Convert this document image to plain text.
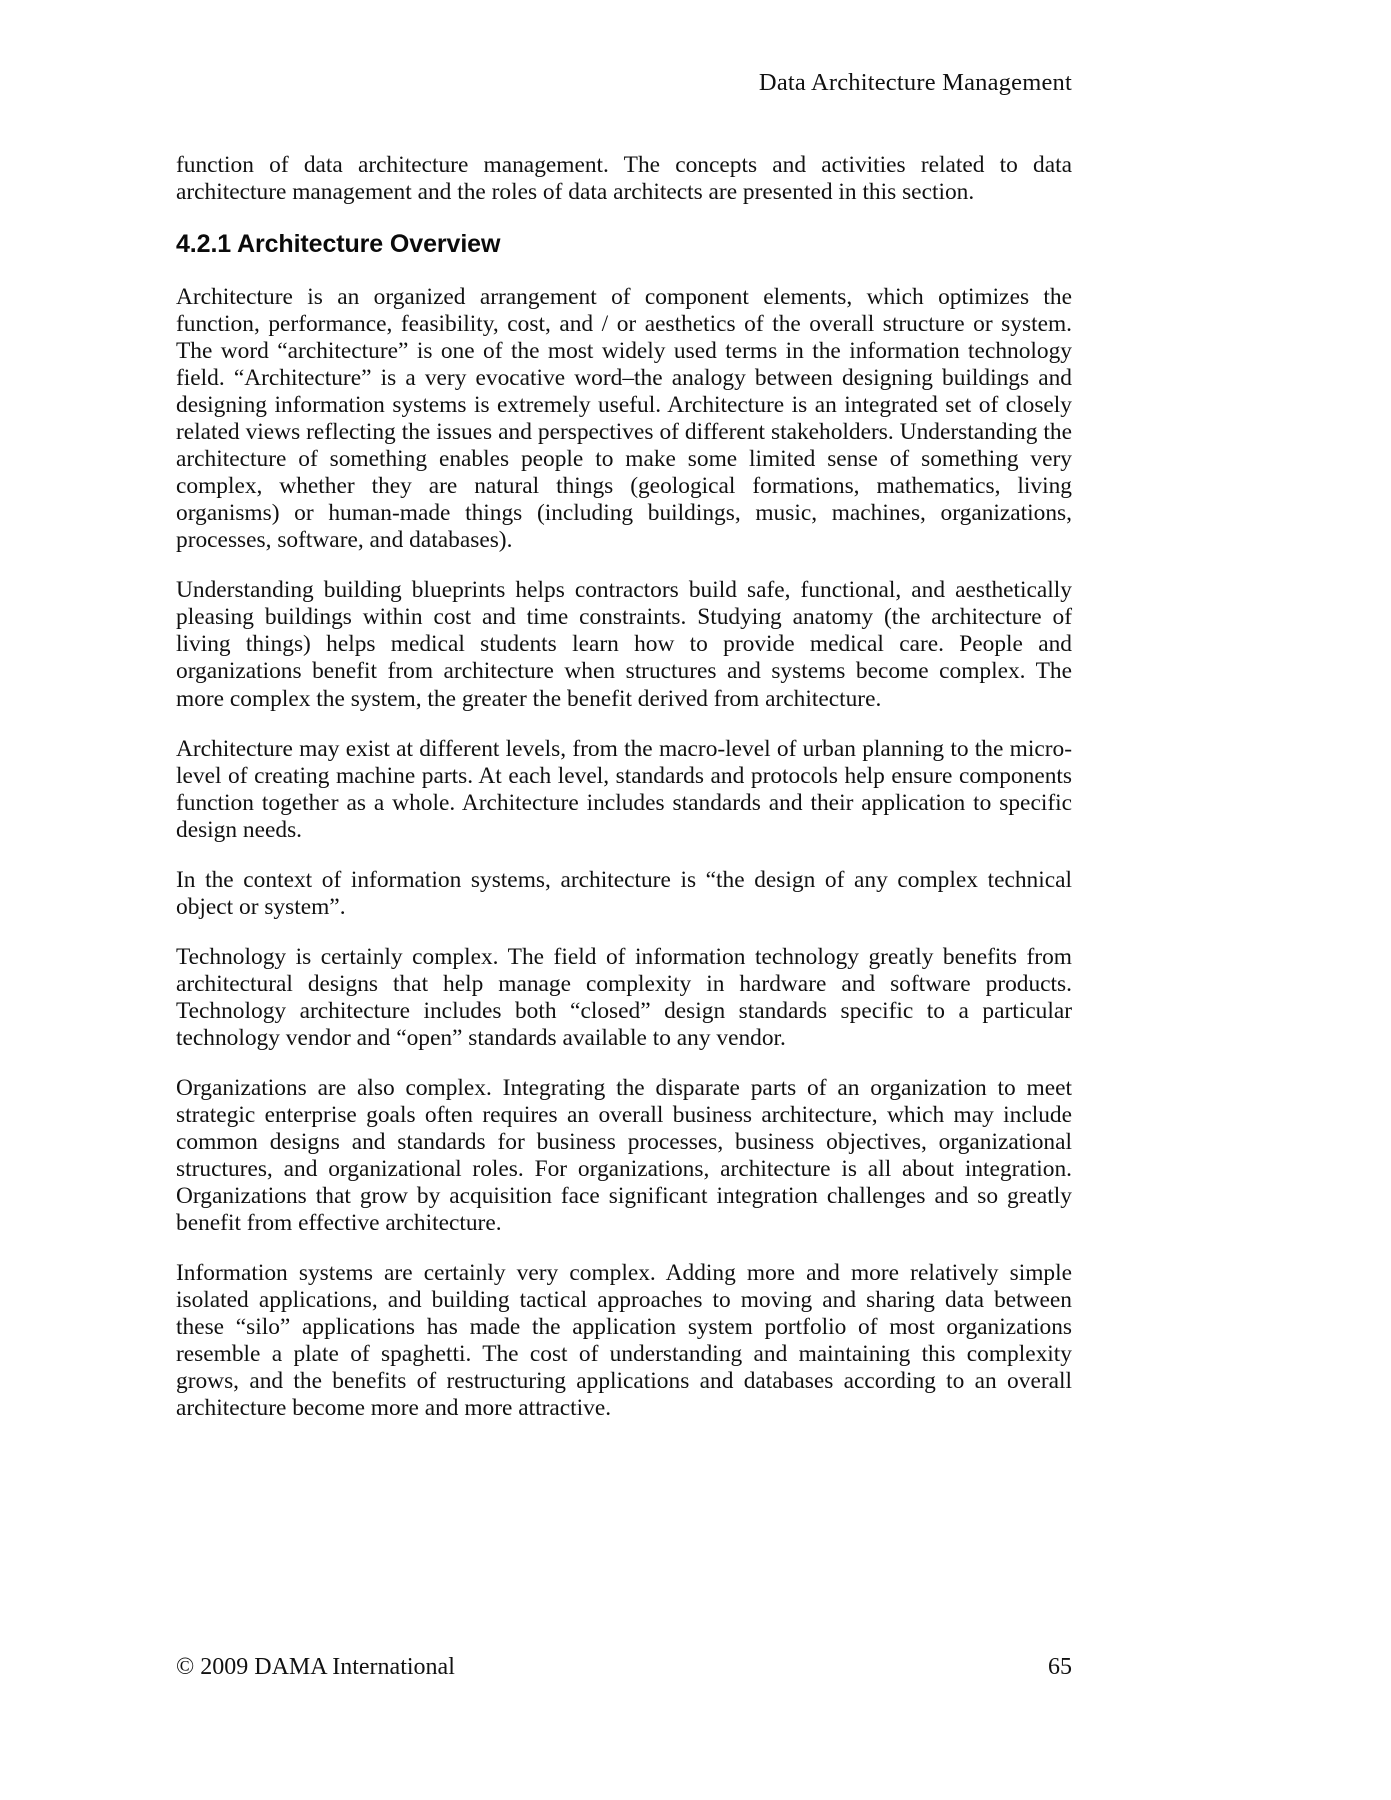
Data Architecture Management

function of data architecture management. The concepts and activities related to data architecture management and the roles of data architects are presented in this section.

4.2.1 Architecture Overview

Architecture is an organized arrangement of component elements, which optimizes the function, performance, feasibility, cost, and / or aesthetics of the overall structure or system. The word “architecture” is one of the most widely used terms in the information technology field. “Architecture” is a very evocative word–the analogy between designing buildings and designing information systems is extremely useful. Architecture is an integrated set of closely related views reflecting the issues and perspectives of different stakeholders. Understanding the architecture of something enables people to make some limited sense of something very complex, whether they are natural things (geological formations, mathematics, living organisms) or human-made things (including buildings, music, machines, organizations, processes, software, and databases).

Understanding building blueprints helps contractors build safe, functional, and aesthetically pleasing buildings within cost and time constraints. Studying anatomy (the architecture of living things) helps medical students learn how to provide medical care. People and organizations benefit from architecture when structures and systems become complex. The more complex the system, the greater the benefit derived from architecture.

Architecture may exist at different levels, from the macro-level of urban planning to the micro-level of creating machine parts. At each level, standards and protocols help ensure components function together as a whole. Architecture includes standards and their application to specific design needs.

In the context of information systems, architecture is “the design of any complex technical object or system”.

Technology is certainly complex. The field of information technology greatly benefits from architectural designs that help manage complexity in hardware and software products. Technology architecture includes both “closed” design standards specific to a particular technology vendor and “open” standards available to any vendor.

Organizations are also complex. Integrating the disparate parts of an organization to meet strategic enterprise goals often requires an overall business architecture, which may include common designs and standards for business processes, business objectives, organizational structures, and organizational roles. For organizations, architecture is all about integration. Organizations that grow by acquisition face significant integration challenges and so greatly benefit from effective architecture.

Information systems are certainly very complex. Adding more and more relatively simple isolated applications, and building tactical approaches to moving and sharing data between these “silo” applications has made the application system portfolio of most organizations resemble a plate of spaghetti. The cost of understanding and maintaining this complexity grows, and the benefits of restructuring applications and databases according to an overall architecture become more and more attractive.

© 2009 DAMA International	65
